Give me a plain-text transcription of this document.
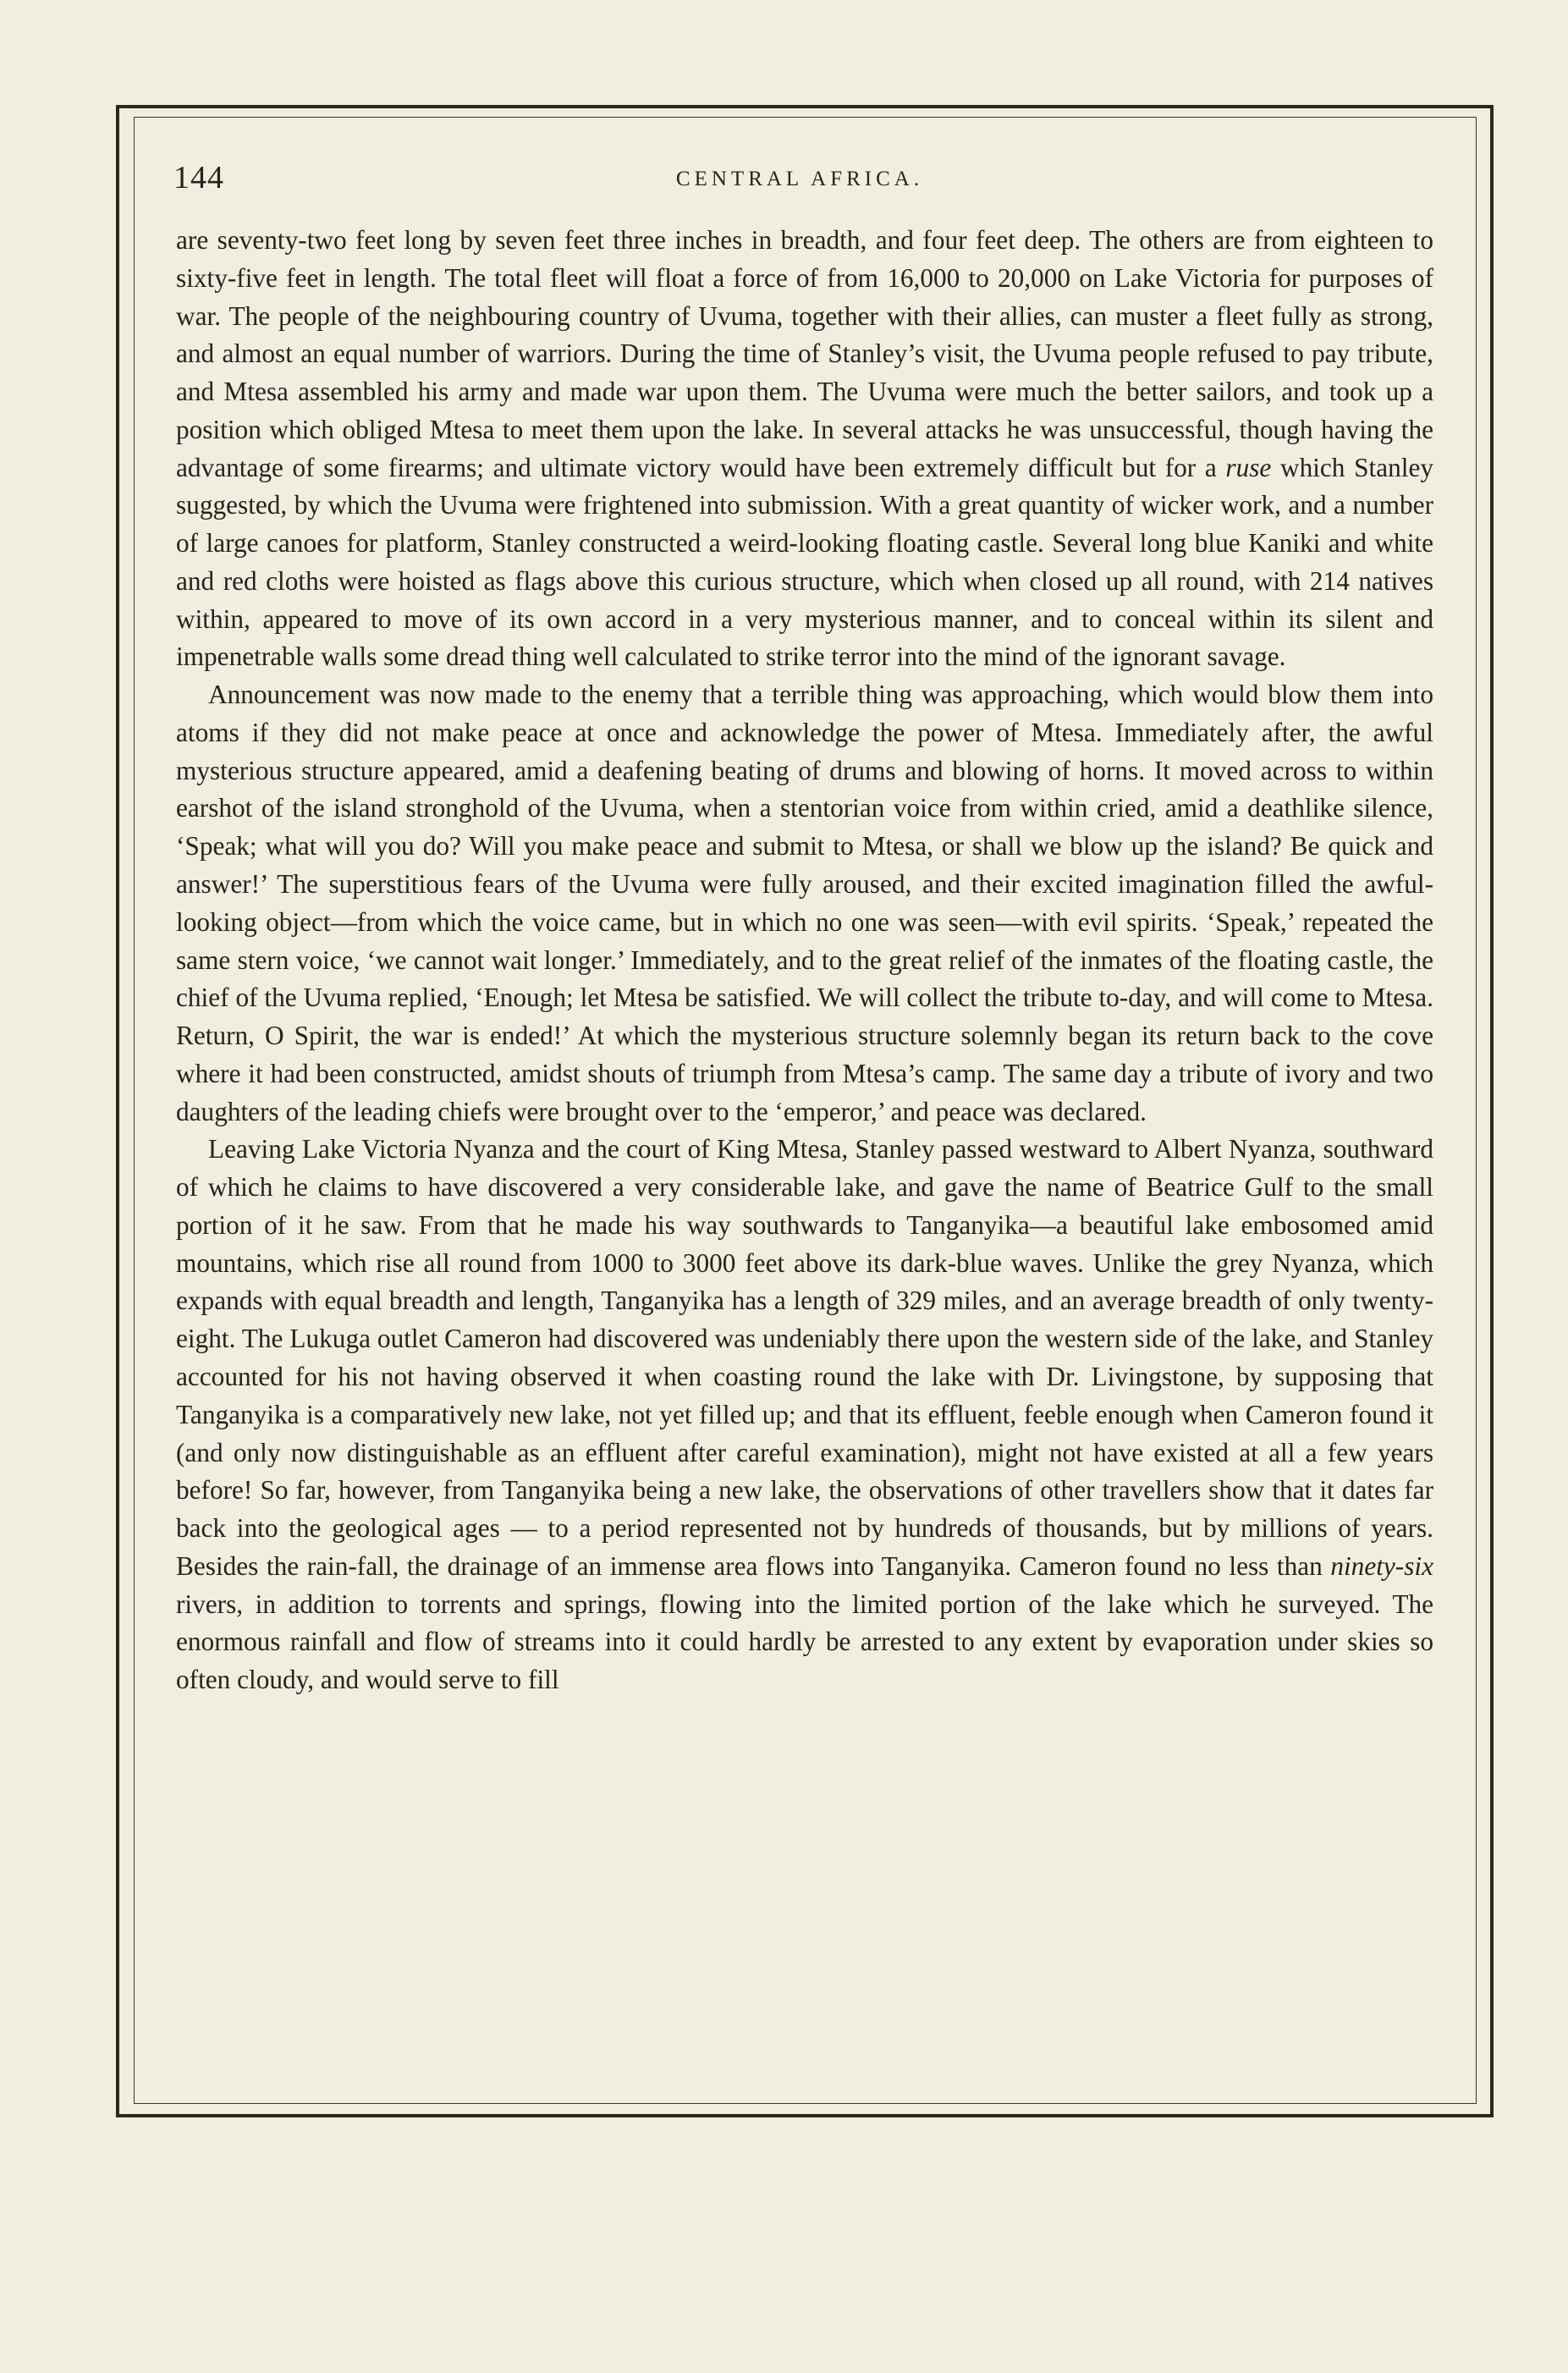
144	CENTRAL AFRICA.

are seventy-two feet long by seven feet three inches in breadth, and four feet deep. The others are from eighteen to sixty-five feet in length. The total fleet will float a force of from 16,000 to 20,000 on Lake Victoria for purposes of war. The people of the neighbouring country of Uvuma, together with their allies, can muster a fleet fully as strong, and almost an equal number of warriors. During the time of Stanley’s visit, the Uvuma people refused to pay tribute, and Mtesa assembled his army and made war upon them. The Uvuma were much the better sailors, and took up a position which obliged Mtesa to meet them upon the lake. In several attacks he was unsuccessful, though having the advantage of some firearms; and ultimate victory would have been extremely difficult but for a ruse which Stanley suggested, by which the Uvuma were frightened into submission. With a great quantity of wicker work, and a number of large canoes for platform, Stanley constructed a weird-looking floating castle. Several long blue Kaniki and white and red cloths were hoisted as flags above this curious structure, which when closed up all round, with 214 natives within, appeared to move of its own accord in a very mysterious manner, and to conceal within its silent and impenetrable walls some dread thing well calculated to strike terror into the mind of the ignorant savage.

Announcement was now made to the enemy that a terrible thing was approaching, which would blow them into atoms if they did not make peace at once and acknowledge the power of Mtesa. Immediately after, the awful mysterious structure appeared, amid a deafening beating of drums and blowing of horns. It moved across to within earshot of the island stronghold of the Uvuma, when a stentorian voice from within cried, amid a deathlike silence, ‘Speak; what will you do? Will you make peace and submit to Mtesa, or shall we blow up the island? Be quick and answer!’ The superstitious fears of the Uvuma were fully aroused, and their excited imagination filled the awful-looking object—from which the voice came, but in which no one was seen—with evil spirits. ‘Speak,’ repeated the same stern voice, ‘we cannot wait longer.’ Immediately, and to the great relief of the inmates of the floating castle, the chief of the Uvuma replied, ‘Enough; let Mtesa be satisfied. We will collect the tribute to-day, and will come to Mtesa. Return, O Spirit, the war is ended!’ At which the mysterious structure solemnly began its return back to the cove where it had been constructed, amidst shouts of triumph from Mtesa’s camp. The same day a tribute of ivory and two daughters of the leading chiefs were brought over to the ‘emperor,’ and peace was declared.

Leaving Lake Victoria Nyanza and the court of King Mtesa, Stanley passed westward to Albert Nyanza, southward of which he claims to have discovered a very considerable lake, and gave the name of Beatrice Gulf to the small portion of it he saw. From that he made his way southwards to Tanganyika—a beautiful lake embosomed amid mountains, which rise all round from 1000 to 3000 feet above its dark-blue waves. Unlike the grey Nyanza, which expands with equal breadth and length, Tanganyika has a length of 329 miles, and an average breadth of only twenty-eight. The Lukuga outlet Cameron had discovered was undeniably there upon the western side of the lake, and Stanley accounted for his not having observed it when coasting round the lake with Dr. Livingstone, by supposing that Tanganyika is a comparatively new lake, not yet filled up; and that its effluent, feeble enough when Cameron found it (and only now distinguishable as an effluent after careful examination), might not have existed at all a few years before! So far, however, from Tanganyika being a new lake, the observations of other travellers show that it dates far back into the geological ages — to a period represented not by hundreds of thousands, but by millions of years. Besides the rain-fall, the drainage of an immense area flows into Tanganyika. Cameron found no less than ninety-six rivers, in addition to torrents and springs, flowing into the limited portion of the lake which he surveyed. The enormous rainfall and flow of streams into it could hardly be arrested to any extent by evaporation under skies so often cloudy, and would serve to fill
